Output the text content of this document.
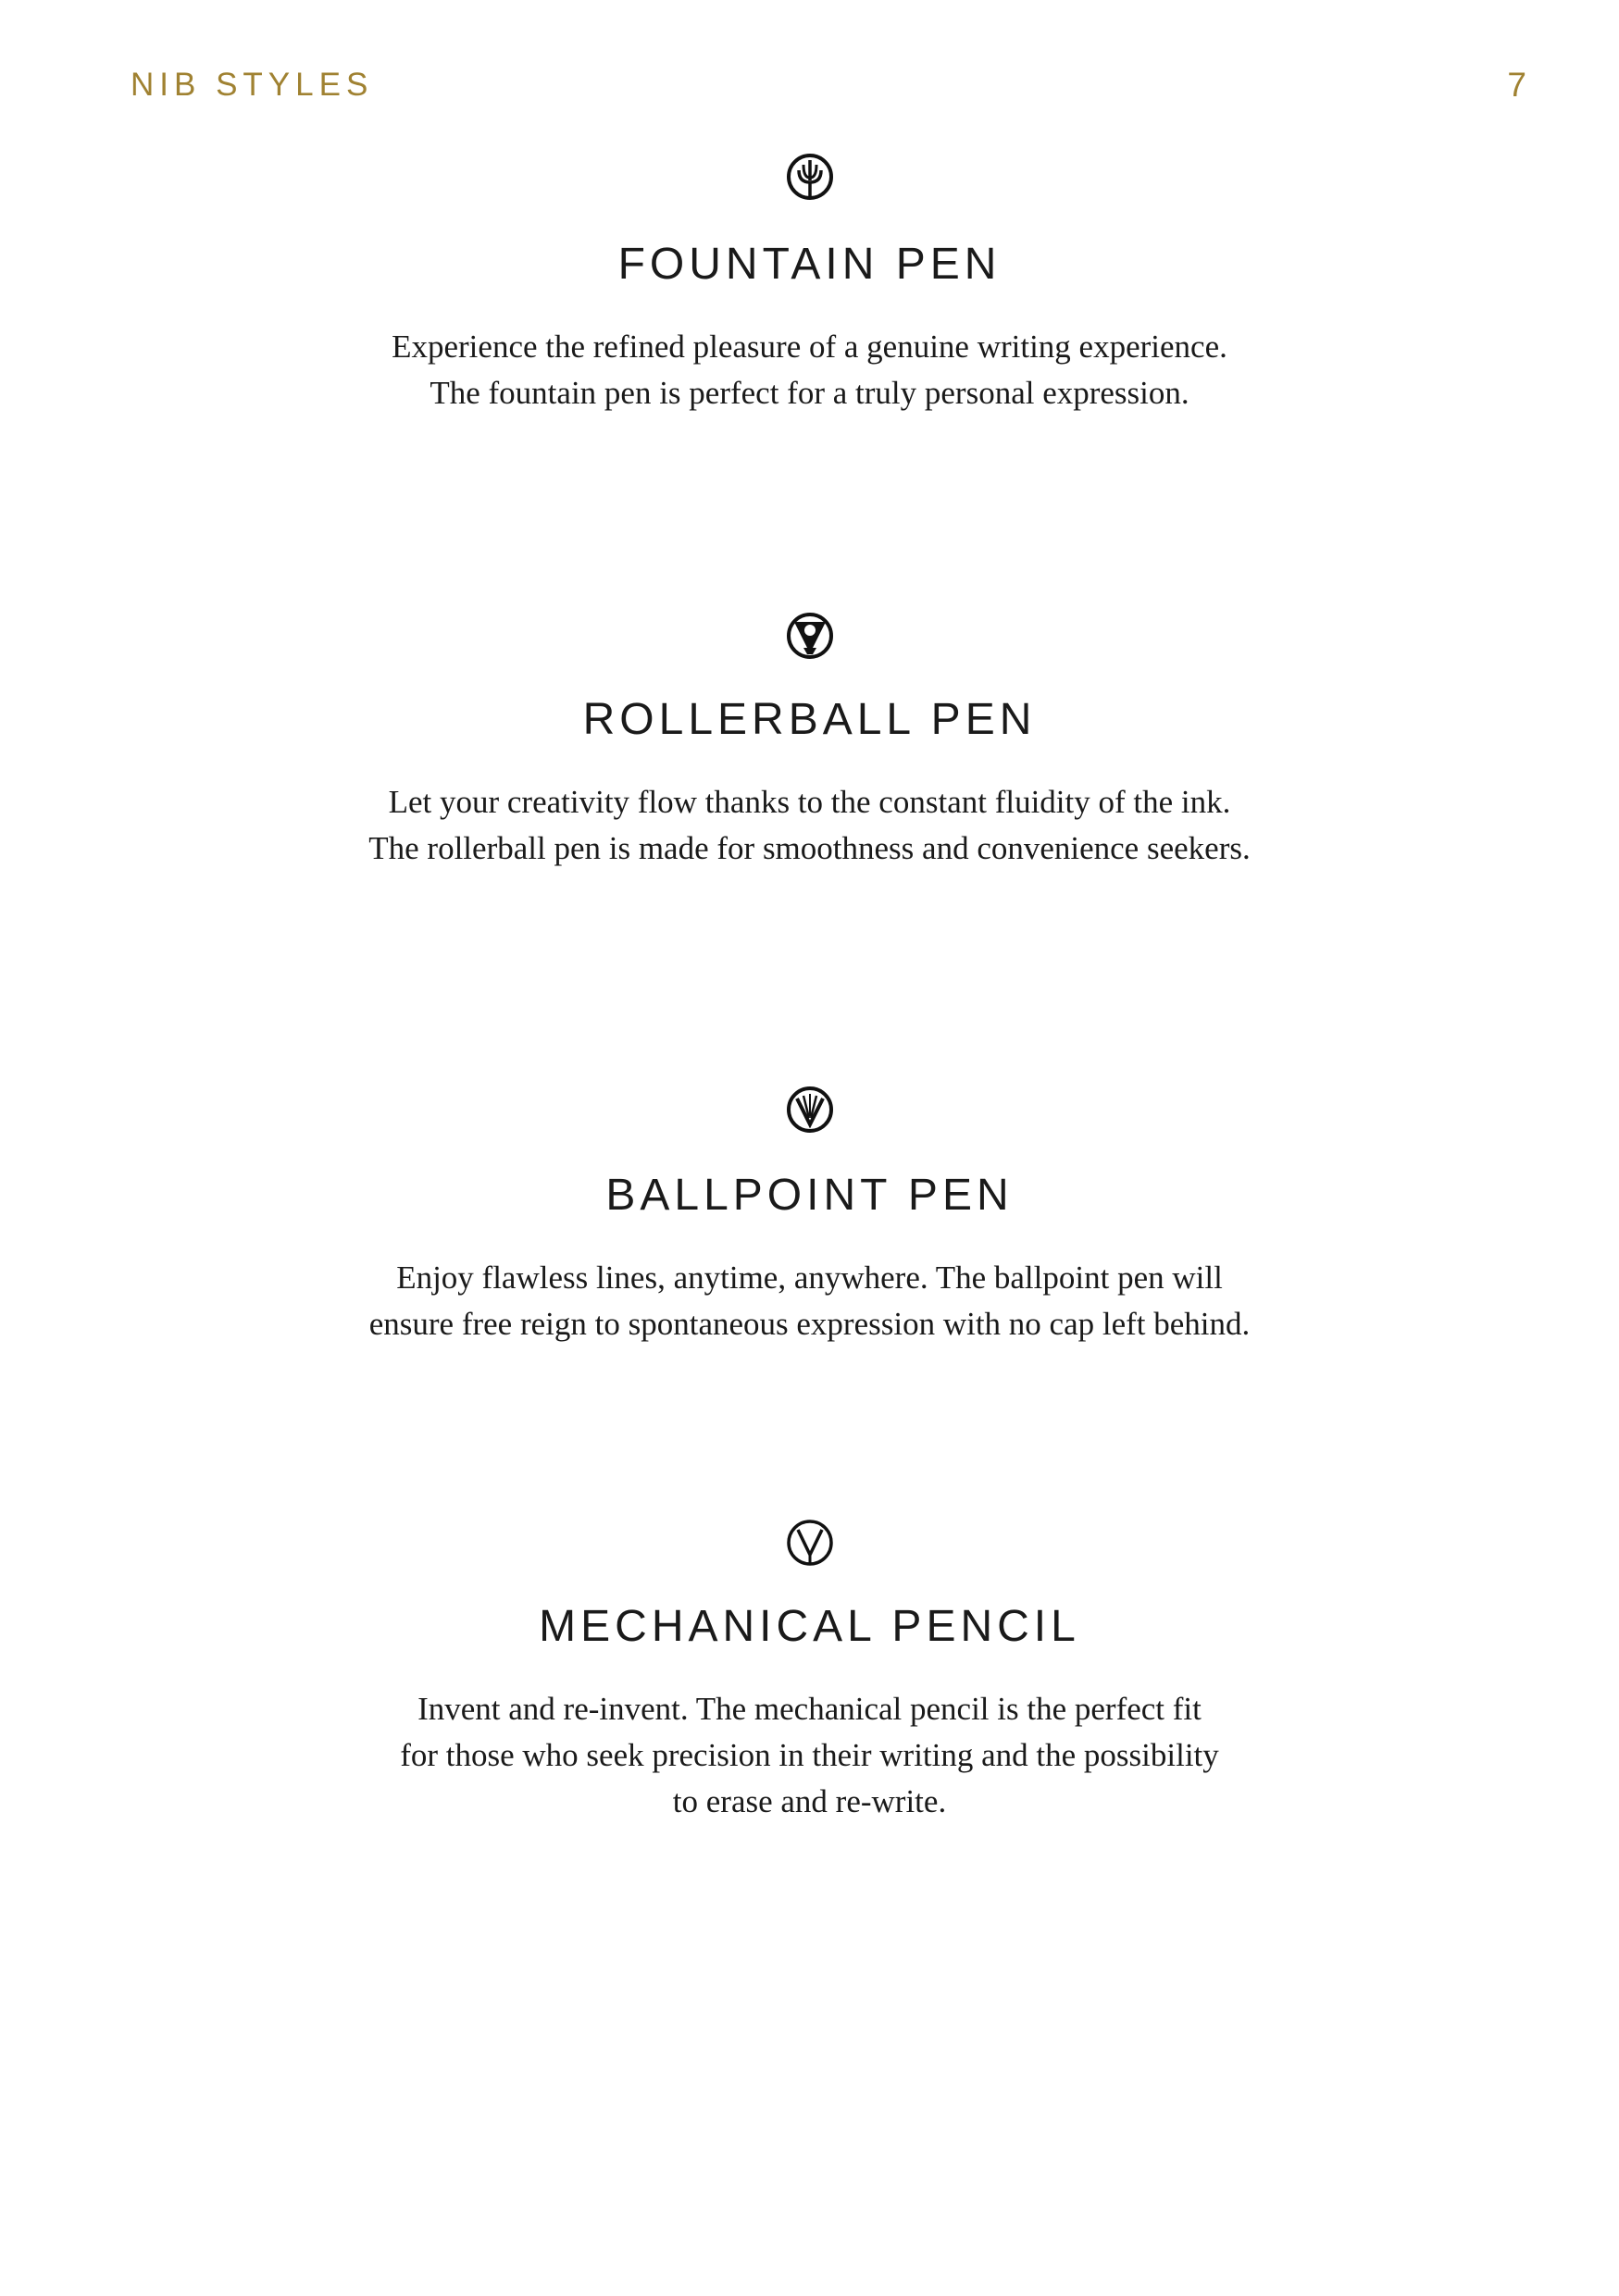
NIB STYLES	7
FOUNTAIN PEN

Experience the refined pleasure of a genuine writing experience.
The fountain pen is perfect for a truly personal expression.

ROLLERBALL PEN

Let your creativity flow thanks to the constant fluidity of the ink.
The rollerball pen is made for smoothness and convenience seekers.

BALLPOINT PEN

Enjoy flawless lines, anytime, anywhere. The ballpoint pen will
ensure free reign to spontaneous expression with no cap left behind.

MECHANICAL PENCIL

Invent and re-invent. The mechanical pencil is the perfect fit
for those who seek precision in their writing and the possibility
to erase and re-write.
